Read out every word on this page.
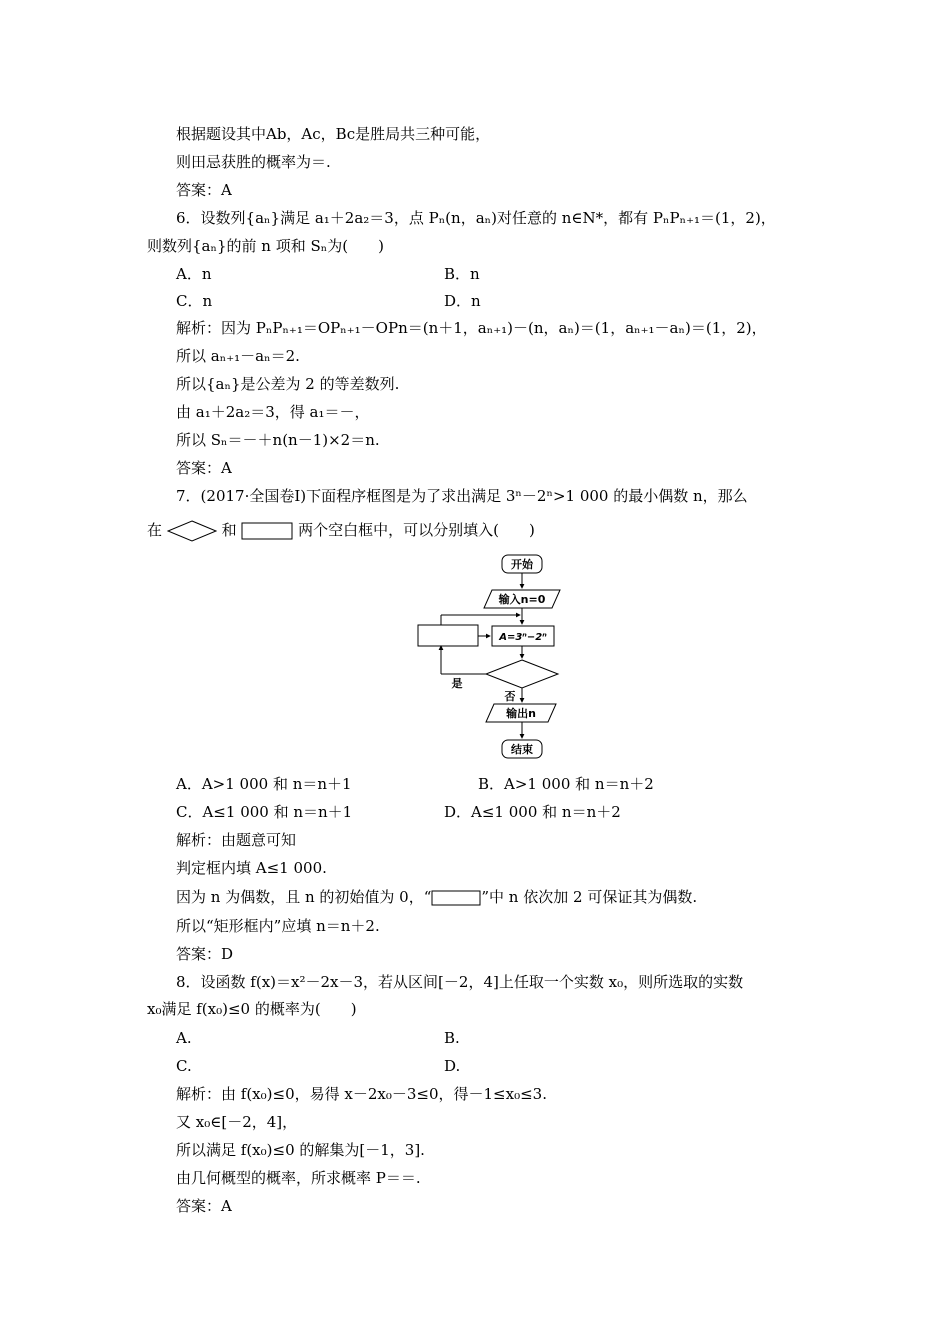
根据题设其中Ab，Ac，Bc是胜局共三种可能，
则田忌获胜的概率为＝.
答案：A
6．设数列{aₙ}满足 a₁＋2a₂＝3，点 Pₙ(n，aₙ)对任意的 n∈N*，都有 PₙPₙ₊₁＝(1，2)，
则数列{aₙ}的前 n 项和 Sₙ为(　　)
A．n	B．n
C．n	D．n
解析：因为 PₙPₙ₊₁＝OPₙ₊₁－OPn＝(n＋1，aₙ₊₁)－(n，aₙ)＝(1，aₙ₊₁－aₙ)＝(1，2)，
所以 aₙ₊₁－aₙ＝2.
所以{aₙ}是公差为 2 的等差数列.
由 a₁＋2a₂＝3，得 a₁＝－，
所以 Sₙ＝－＋n(n－1)×2＝n.
答案：A
7．(2017·全国卷Ⅰ)下面程序框图是为了求出满足 3ⁿ－2ⁿ>1 000 的最小偶数 n，那么
在	和	两个空白框中，可以分别填入(　　)
开始
输入n=0
A=3ⁿ−2ⁿ
是
否
输出n
结束
A．A>1 000 和 n＝n＋1	B．A>1 000 和 n＝n＋2
C．A≤1 000 和 n＝n＋1	D．A≤1 000 和 n＝n＋2
解析：由题意可知
判定框内填 A≤1 000.
因为 n 为偶数，且 n 的初始值为 0，“	”中 n 依次加 2 可保证其为偶数.
所以“矩形框内”应填 n＝n＋2.
答案：D
8．设函数 f(x)＝x²－2x－3，若从区间[－2，4]上任取一个实数 x₀，则所选取的实数
x₀满足 f(x₀)≤0 的概率为(　　)
A.	B.
C.	D.
解析：由 f(x₀)≤0，易得 x－2x₀－3≤0，得－1≤x₀≤3.
又 x₀∈[－2，4]，
所以满足 f(x₀)≤0 的解集为[－1，3].
由几何概型的概率，所求概率 P＝＝.
答案：A
